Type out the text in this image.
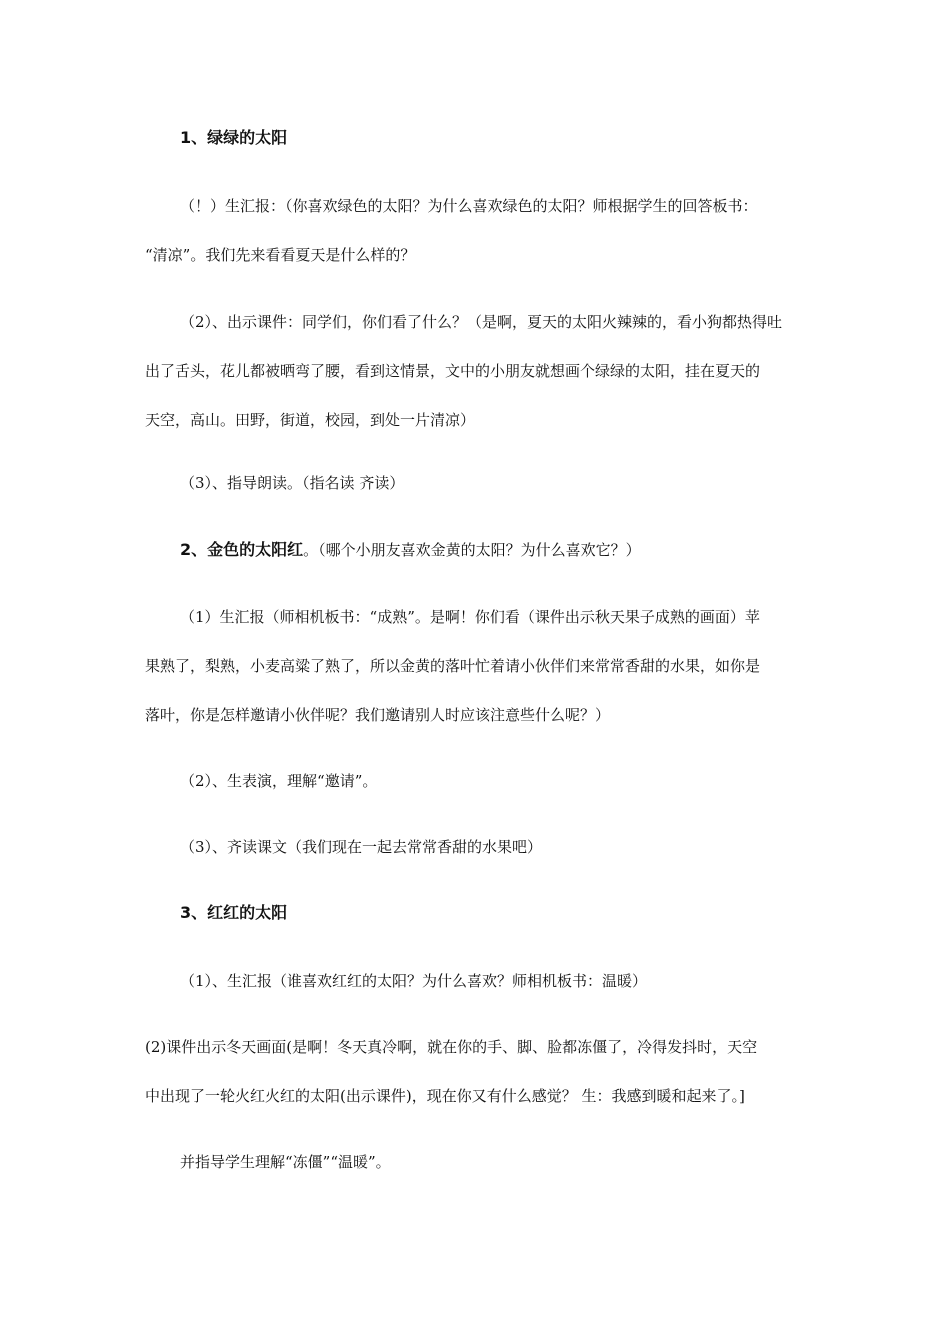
1、绿绿的太阳
（！）生汇报：（你喜欢绿色的太阳？为什么喜欢绿色的太阳？师根据学生的回答板书：
“清凉”。我们先来看看夏天是什么样的？
（2）、出示课件：同学们，你们看了什么？（是啊，夏天的太阳火辣辣的，看小狗都热得吐
出了舌头，花儿都被晒弯了腰，看到这情景，文中的小朋友就想画个绿绿的太阳，挂在夏天的
天空，高山。田野，街道，校园，到处一片清凉）
（3）、指导朗读。（指名读 齐读）
2、金色的太阳红。（哪个小朋友喜欢金黄的太阳？为什么喜欢它？）
（1）生汇报（师相机板书：“成熟”。是啊！你们看（课件出示秋天果子成熟的画面）苹
果熟了，梨熟，小麦高粱了熟了，所以金黄的落叶忙着请小伙伴们来常常香甜的水果，如你是
落叶，你是怎样邀请小伙伴呢？我们邀请别人时应该注意些什么呢？）
（2）、生表演，理解“邀请”。
（3）、齐读课文（我们现在一起去常常香甜的水果吧）
3、红红的太阳
（1）、生汇报（谁喜欢红红的太阳？为什么喜欢？师相机板书：温暖）
(2)课件出示冬天画面(是啊！冬天真冷啊，就在你的手、脚、脸都冻僵了，冷得发抖时，天空
中出现了一轮火红火红的太阳(出示课件)，现在你又有什么感觉？ 生：我感到暖和起来了。]
并指导学生理解“冻僵”“温暖”。
